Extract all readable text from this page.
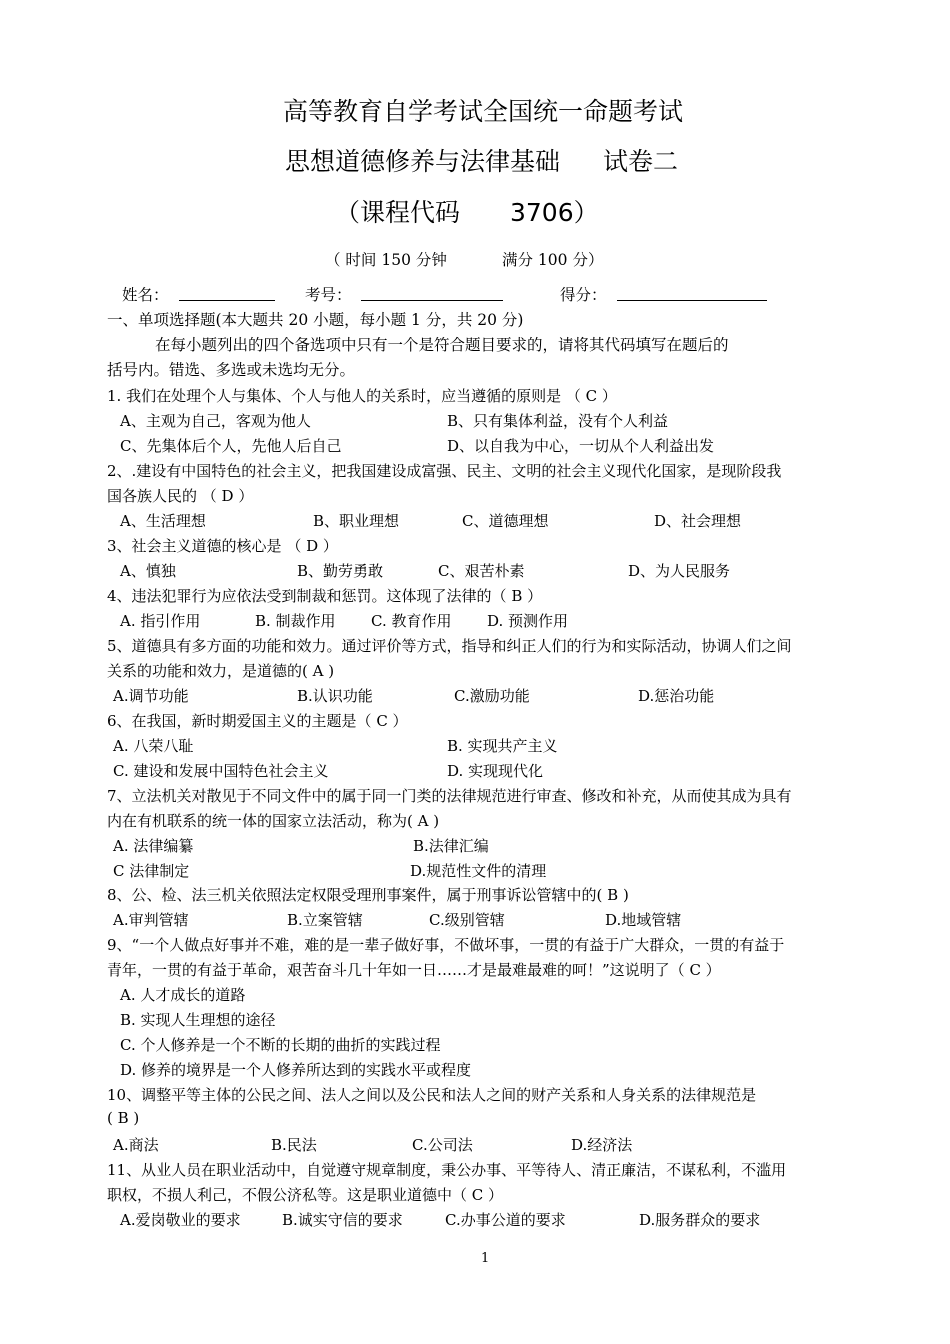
高等教育自学考试全国统一命题考试
思想道德修养与法律基础 试卷二
（课程代码 3706）
（ 时间 150 分钟	满分 100 分）
姓名：	考号：	得分：
一、单项选择题(本大题共 20 小题，每小题 1 分，共 20 分)
在每小题列出的四个备选项中只有一个是符合题目要求的，请将其代码填写在题后的
括号内。错选、多选或未选均无分。
1. 我们在处理个人与集体、个人与他人的关系时，应当遵循的原则是 （ C ）
A、主观为自己，客观为他人	B、只有集体利益，没有个人利益
C、先集体后个人，先他人后自己	D、以自我为中心，一切从个人利益出发
2、.建设有中国特色的社会主义，把我国建设成富强、民主、文明的社会主义现代化国家，是现阶段我
国各族人民的 （ D ）
A、生活理想	B、职业理想	C、道德理想	D、社会理想
3、社会主义道德的核心是 （ D ）
A、慎独	B、勤劳勇敢	C、艰苦朴素	D、为人民服务
4、违法犯罪行为应依法受到制裁和惩罚。这体现了法律的（ B ）
A. 指引作用	B. 制裁作用 C. 教育作用 D. 预测作用
5、道德具有多方面的功能和效力。通过评价等方式，指导和纠正人们的行为和实际活动，协调人们之间
关系的功能和效力，是道德的( A )
A.调节功能	B.认识功能	C.激励功能	D.惩治功能
6、在我国，新时期爱国主义的主题是（ C ）
A. 八荣八耻	B. 实现共产主义
C. 建设和发展中国特色社会主义	D. 实现现代化
7、立法机关对散见于不同文件中的属于同一门类的法律规范进行审查、修改和补充，从而使其成为具有
内在有机联系的统一体的国家立法活动，称为( A )
A. 法律编纂	B.法律汇编
C 法律制定	D.规范性文件的清理
8、公、检、法三机关依照法定权限受理刑事案件，属于刑事诉讼管辖中的( B )
A.审判管辖	B.立案管辖	C.级别管辖	D.地域管辖
9、“一个人做点好事并不难，难的是一辈子做好事，不做坏事，一贯的有益于广大群众，一贯的有益于
青年，一贯的有益于革命，艰苦奋斗几十年如一日……才是最难最难的呵！”这说明了（ C ）
A. 人才成长的道路
B. 实现人生理想的途径
C. 个人修养是一个不断的长期的曲折的实践过程
D. 修养的境界是一个人修养所达到的实践水平或程度
10、调整平等主体的公民之间、法人之间以及公民和法人之间的财产关系和人身关系的法律规范是
( B )
A.商法	B.民法	C.公司法	D.经济法
11、从业人员在职业活动中，自觉遵守规章制度，秉公办事、平等待人、清正廉洁，不谋私利，不滥用
职权，不损人利己，不假公济私等。这是职业道德中（ C ）
A.爱岗敬业的要求	B.诚实守信的要求	C.办事公道的要求	D.服务群众的要求
1
